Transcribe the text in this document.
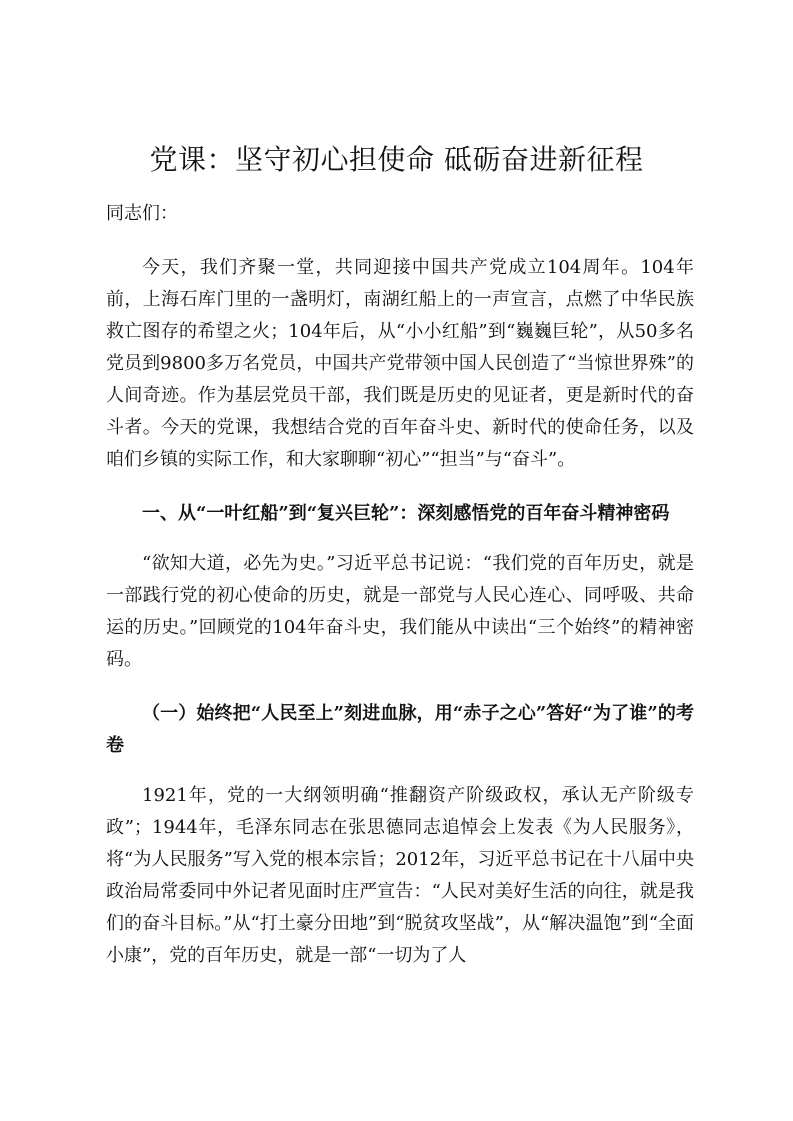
党课：坚守初心担使命 砥砺奋进新征程

同志们：

今天，我们齐聚一堂，共同迎接中国共产党成立104周年。104年前，上海石库门里的一盏明灯，南湖红船上的一声宣言，点燃了中华民族救亡图存的希望之火；104年后，从“小小红船”到“巍巍巨轮”，从50多名党员到9800多万名党员，中国共产党带领中国人民创造了“当惊世界殊”的人间奇迹。作为基层党员干部，我们既是历史的见证者，更是新时代的奋斗者。今天的党课，我想结合党的百年奋斗史、新时代的使命任务，以及咱们乡镇的实际工作，和大家聊聊“初心”“担当”与“奋斗”。

一、从“一叶红船”到“复兴巨轮”：深刻感悟党的百年奋斗精神密码

“欲知大道，必先为史。”习近平总书记说：“我们党的百年历史，就是一部践行党的初心使命的历史，就是一部党与人民心连心、同呼吸、共命运的历史。”回顾党的104年奋斗史，我们能从中读出“三个始终”的精神密码。

（一）始终把“人民至上”刻进血脉，用“赤子之心”答好“为了谁”的考卷

1921年，党的一大纲领明确“推翻资产阶级政权，承认无产阶级专政”；1944年，毛泽东同志在张思德同志追悼会上发表《为人民服务》，将“为人民服务”写入党的根本宗旨；2012年，习近平总书记在十八届中央政治局常委同中外记者见面时庄严宣告：“人民对美好生活的向往，就是我们的奋斗目标。”从“打土豪分田地”到“脱贫攻坚战”，从“解决温饱”到“全面小康”，党的百年历史，就是一部“一切为了人
